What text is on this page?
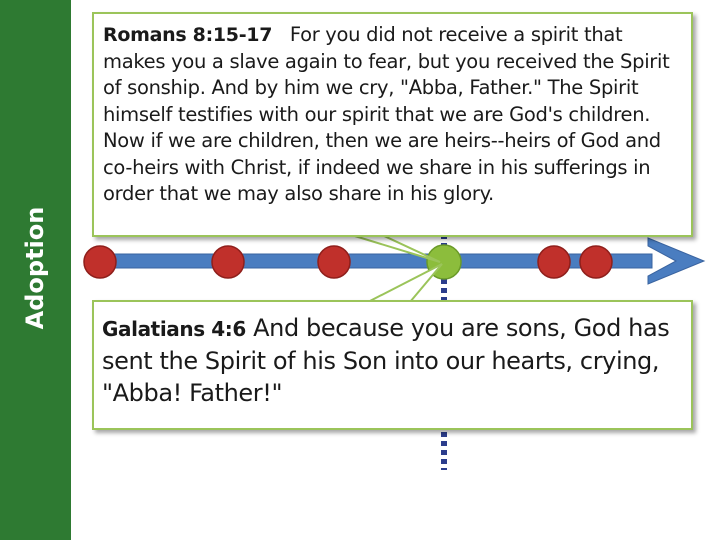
Adoption
Romans 8:15-17 For you did not receive a spirit that makes you a slave again to fear, but you received the Spirit of sonship. And by him we cry, "Abba, Father." The Spirit himself testifies with our spirit that we are God's children. Now if we are children, then we are heirs--heirs of God and co-heirs with Christ, if indeed we share in his sufferings in order that we may also share in his glory.
Galatians 4:6 And because you are sons, God has sent the Spirit of his Son into our hearts, crying, "Abba! Father!"
